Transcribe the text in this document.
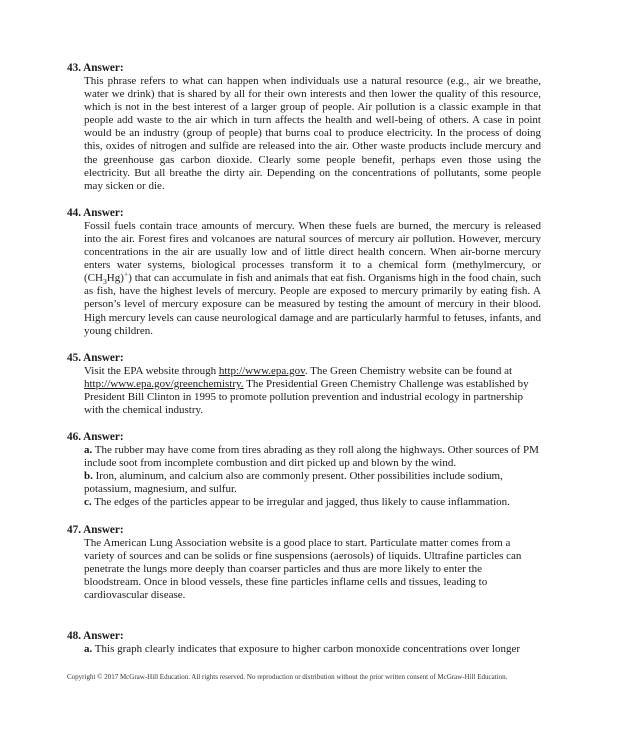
43. Answer:

This phrase refers to what can happen when individuals use a natural resource (e.g., air we breathe, water we drink) that is shared by all for their own interests and then lower the quality of this resource, which is not in the best interest of a larger group of people. Air pollution is a classic example in that people add waste to the air which in turn affects the health and well-being of others. A case in point would be an industry (group of people) that burns coal to produce electricity. In the process of doing this, oxides of nitrogen and sulfide are released into the air. Other waste products include mercury and the greenhouse gas carbon dioxide. Clearly some people benefit, perhaps even those using the electricity. But all breathe the dirty air. Depending on the concentrations of pollutants, some people may sicken or die.

44. Answer:

Fossil fuels contain trace amounts of mercury. When these fuels are burned, the mercury is released into the air. Forest fires and volcanoes are natural sources of mercury air pollution. However, mercury concentrations in the air are usually low and of little direct health concern. When air-borne mercury enters water systems, biological processes transform it to a chemical form (methylmercury, or $(CH_3Hg)^+$) that can accumulate in fish and animals that eat fish. Organisms high in the food chain, such as fish, have the highest levels of mercury. People are exposed to mercury primarily by eating fish. A person’s level of mercury exposure can be measured by testing the amount of mercury in their blood. High mercury levels can cause neurological damage and are particularly harmful to fetuses, infants, and young children.

45. Answer:

Visit the EPA website through http://www.epa.gov. The Green Chemistry website can be found at http://www.epa.gov/greenchemistry. The Presidential Green Chemistry Challenge was established by President Bill Clinton in 1995 to promote pollution prevention and industrial ecology in partnership with the chemical industry.

46. Answer:

a. The rubber may have come from tires abrading as they roll along the highways. Other sources of PM include soot from incomplete combustion and dirt picked up and blown by the wind.

b. Iron, aluminum, and calcium also are commonly present. Other possibilities include sodium, potassium, magnesium, and sulfur.

c. The edges of the particles appear to be irregular and jagged, thus likely to cause inflammation.

47. Answer:

The American Lung Association website is a good place to start. Particulate matter comes from a variety of sources and can be solids or fine suspensions (aerosols) of liquids. Ultrafine particles can penetrate the lungs more deeply than coarser particles and thus are more likely to enter the bloodstream. Once in blood vessels, these fine particles inflame cells and tissues, leading to cardiovascular disease.

48. Answer:

a. This graph clearly indicates that exposure to higher carbon monoxide concentrations over longer

Copyright © 2017 McGraw-Hill Education. All rights reserved. No reproduction or distribution without the prior written consent of McGraw-Hill Education.
